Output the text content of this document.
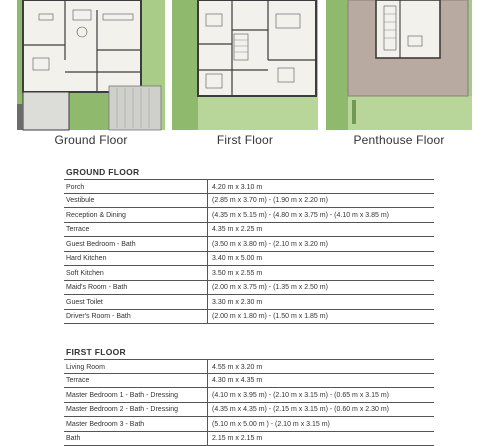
Ground Floor	First Floor	Penthouse Floor
GROUND FLOOR
Porch	4.20 m x 3.10 m
Vestibule	(2.85 m x 3.70 m) - (1.90 m x 2.20 m)
Reception & Dining	(4.35 m x 5.15 m) - (4.80 m x 3.75 m) - (4.10 m x 3.85 m)
Terrace	4.35 m x 2.25 m
Guest Bedroom - Bath	(3.50 m x 3.80 m) - (2.10 m x 3.20 m)
Hard Kitchen	3.40 m x 5.00 m
Soft Kitchen	3.50 m x 2.55 m
Maid's Room - Bath	(2.00 m x 3.75 m) - (1.35 m x 2.50 m)
Guest Toilet	3.30 m x 2.30 m
Driver's Room - Bath	(2.00 m x 1.80 m) - (1.50 m x 1.85 m)
FIRST FLOOR
Living Room	4.55 m x 3.20 m
Terrace	4.30 m x 4.35 m
Master Bedroom 1 - Bath - Dressing	(4.10 m x 3.95 m) - (2.10 m x 3.15 m) - (0.65 m x 3.15 m)
Master Bedroom 2 - Bath - Dressing	(4.35 m x 4.35 m) - (2.15 m x 3.15 m) - (0.60 m x 2.30 m)
Master Bedroom 3 - Bath	(5.10 m x 5.00 m ) - (2.10 m x 3.15 m)
Bath	2.15 m x 2.15 m
